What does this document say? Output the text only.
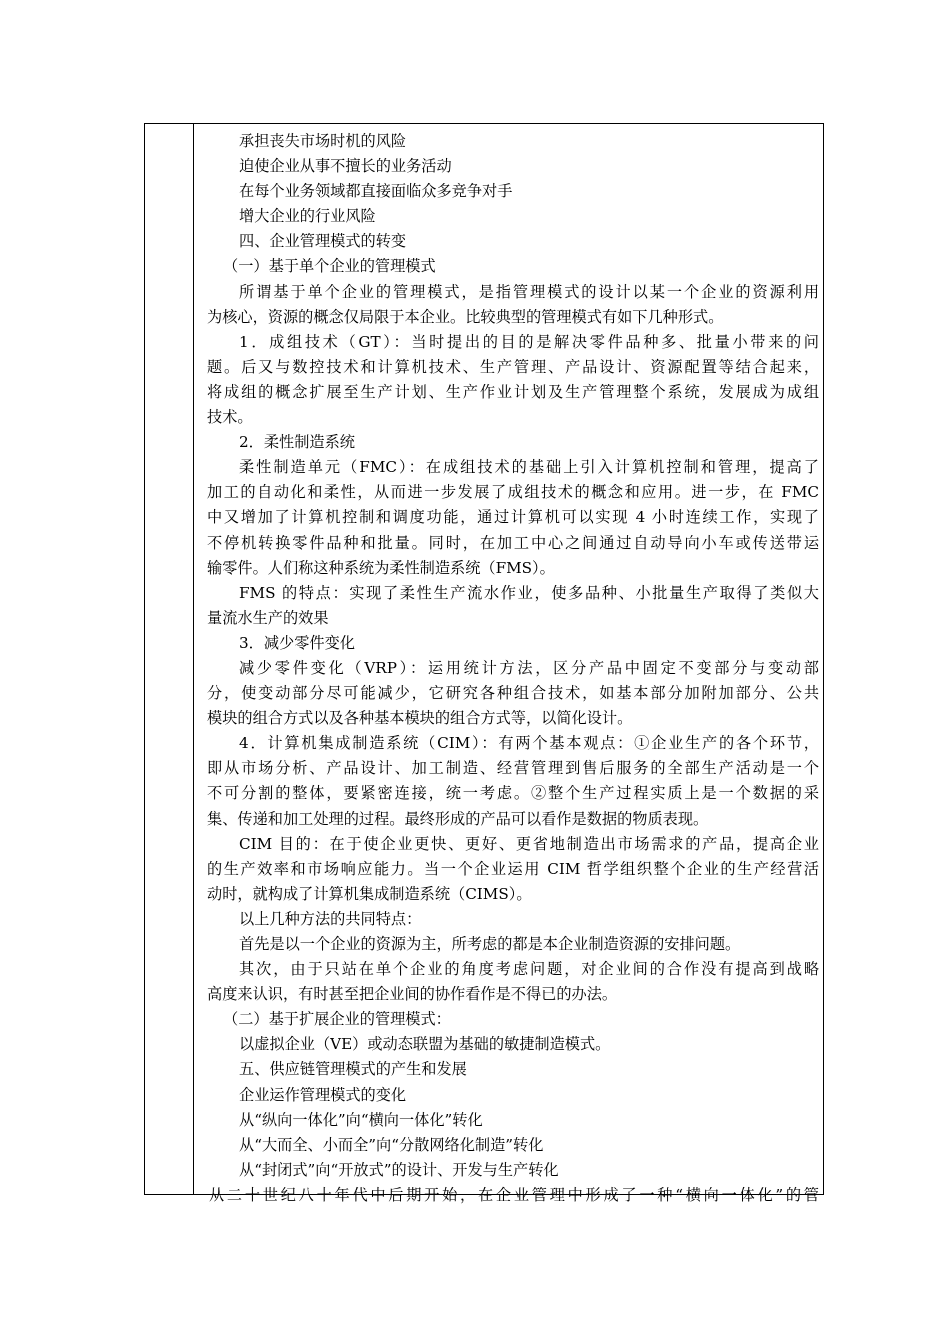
承担丧失市场时机的风险
迫使企业从事不擅长的业务活动
在每个业务领域都直接面临众多竞争对手
增大企业的行业风险
四、企业管理模式的转变
（一）基于单个企业的管理模式
所谓基于单个企业的管理模式，是指管理模式的设计以某一个企业的资源利用
为核心，资源的概念仅局限于本企业。比较典型的管理模式有如下几种形式。
1．成组技术（GT）：当时提出的目的是解决零件品种多、批量小带来的问
题。后又与数控技术和计算机技术、生产管理、产品设计、资源配置等结合起来，
将成组的概念扩展至生产计划、生产作业计划及生产管理整个系统，发展成为成组
技术。
2．柔性制造系统
柔性制造单元（FMC）：在成组技术的基础上引入计算机控制和管理，提高了
加工的自动化和柔性，从而进一步发展了成组技术的概念和应用。进一步，在 FMC
中又增加了计算机控制和调度功能，通过计算机可以实现 4 小时连续工作，实现了
不停机转换零件品种和批量。同时，在加工中心之间通过自动导向小车或传送带运
输零件。人们称这种系统为柔性制造系统（FMS）。
FMS 的特点：实现了柔性生产流水作业，使多品种、小批量生产取得了类似大
量流水生产的效果
3．减少零件变化
减少零件变化（VRP）：运用统计方法，区分产品中固定不变部分与变动部
分，使变动部分尽可能减少，它研究各种组合技术，如基本部分加附加部分、公共
模块的组合方式以及各种基本模块的组合方式等，以简化设计。
4．计算机集成制造系统（CIM）：有两个基本观点：①企业生产的各个环节，
即从市场分析、产品设计、加工制造、经营管理到售后服务的全部生产活动是一个
不可分割的整体，要紧密连接，统一考虑。②整个生产过程实质上是一个数据的采
集、传递和加工处理的过程。最终形成的产品可以看作是数据的物质表现。
CIM 目的：在于使企业更快、更好、更省地制造出市场需求的产品，提高企业
的生产效率和市场响应能力。当一个企业运用 CIM 哲学组织整个企业的生产经营活
动时，就构成了计算机集成制造系统（CIMS）。
以上几种方法的共同特点：
首先是以一个企业的资源为主，所考虑的都是本企业制造资源的安排问题。
其次，由于只站在单个企业的角度考虑问题，对企业间的合作没有提高到战略
高度来认识，有时甚至把企业间的协作看作是不得已的办法。
（二）基于扩展企业的管理模式：
以虚拟企业（VE）或动态联盟为基础的敏捷制造模式。
五、供应链管理模式的产生和发展
企业运作管理模式的变化
从“纵向一体化”向“横向一体化”转化
从“大而全、小而全”向“分散网络化制造”转化
从“封闭式”向“开放式”的设计、开发与生产转化
从二十世纪八十年代中后期开始，在企业管理中形成了一种“横向一体化”的管
